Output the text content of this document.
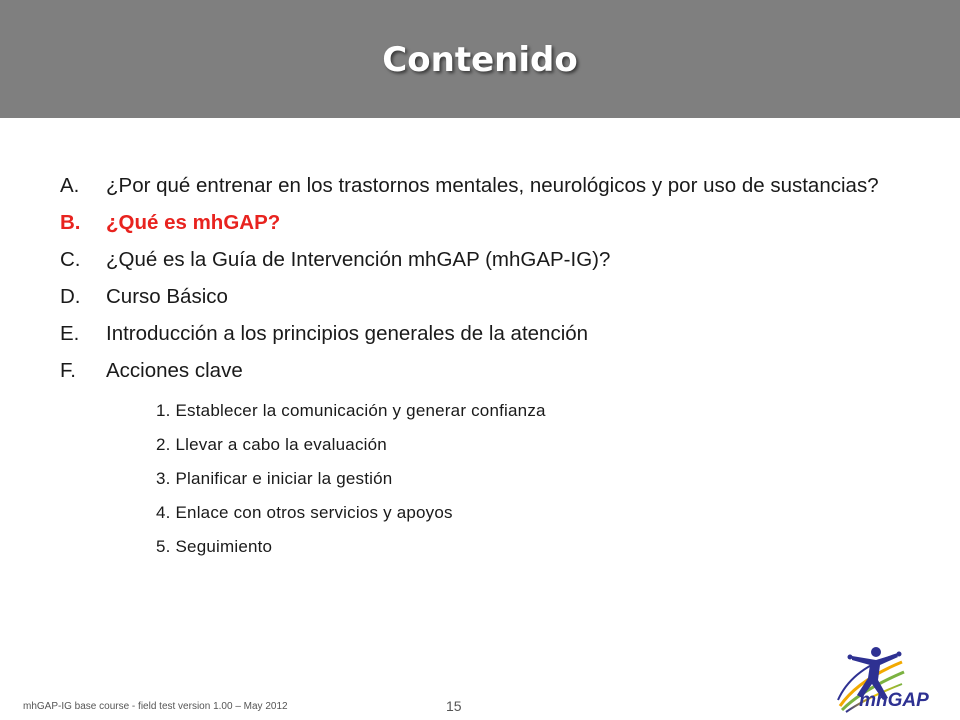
Contenido
A. ¿Por qué entrenar en los trastornos mentales, neurológicos y por uso de sustancias?
B. ¿Qué es mhGAP?
C. ¿Qué es la Guía de Intervención mhGAP (mhGAP-IG)?
D. Curso Básico
E. Introducción a los principios generales de la atención
F. Acciones clave
1. Establecer la comunicación y generar confianza
2. Llevar a cabo la evaluación
3. Planificar e iniciar la gestión
4. Enlace con otros servicios y apoyos
5. Seguimiento
mhGAP-IG base course - field test version 1.00 – May 2012	15	mhGAP
